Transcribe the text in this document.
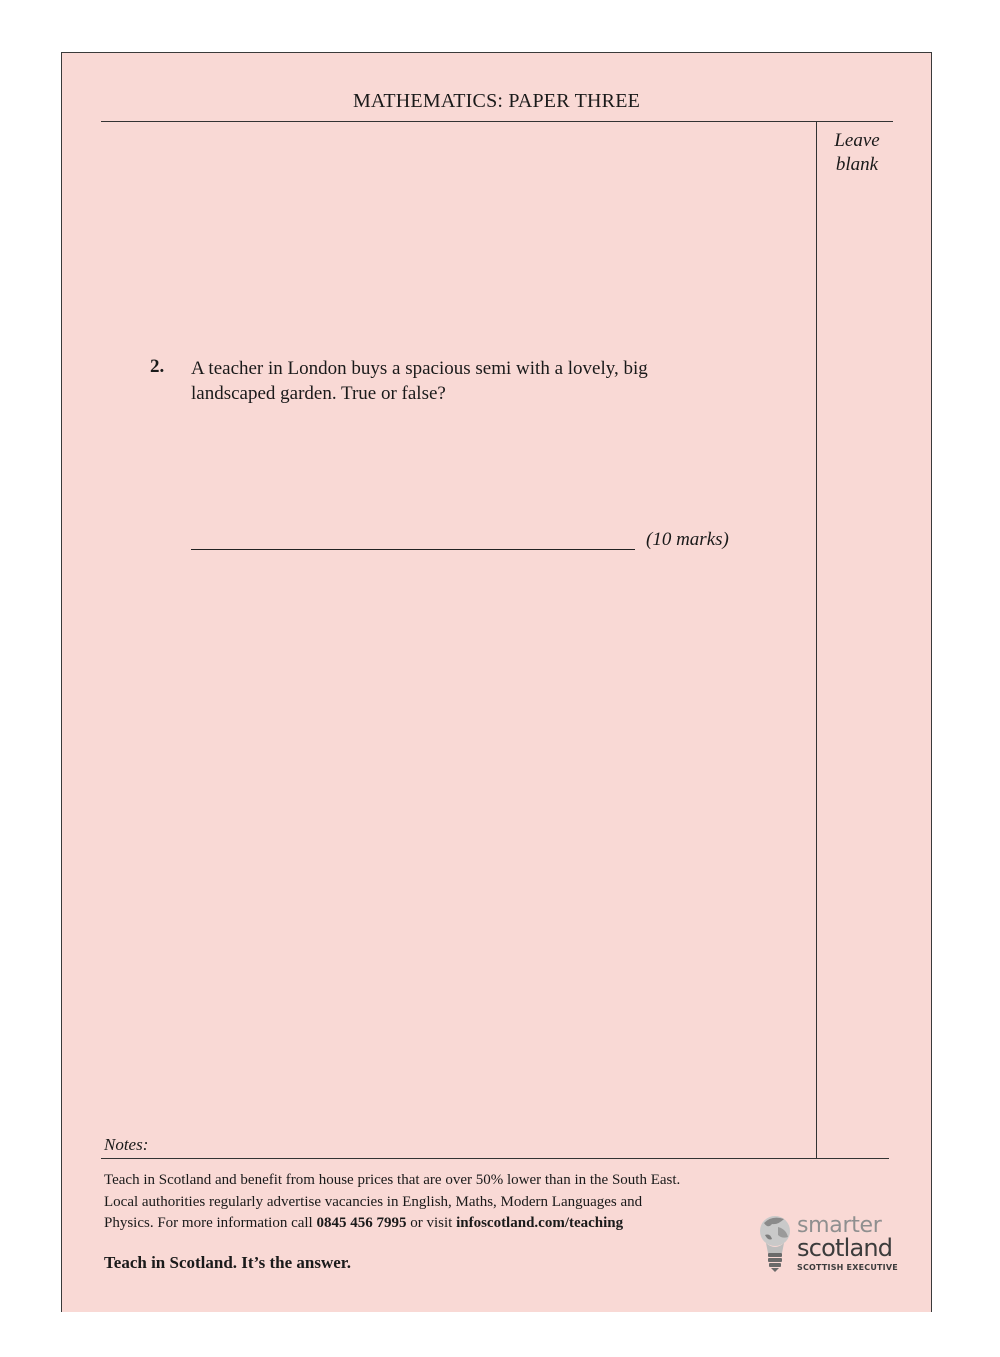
MATHEMATICS: PAPER THREE
Leave
blank
2. A teacher in London buys a spacious semi with a lovely, big landscaped garden. True or false?
(10 marks)
Notes:
Teach in Scotland and benefit from house prices that are over 50% lower than in the South East.
Local authorities regularly advertise vacancies in English, Maths, Modern Languages and
Physics. For more information call 0845 456 7995 or visit infoscotland.com/teaching
Teach in Scotland. It’s the answer.
smarter
scotland
SCOTTISH EXECUTIVE
